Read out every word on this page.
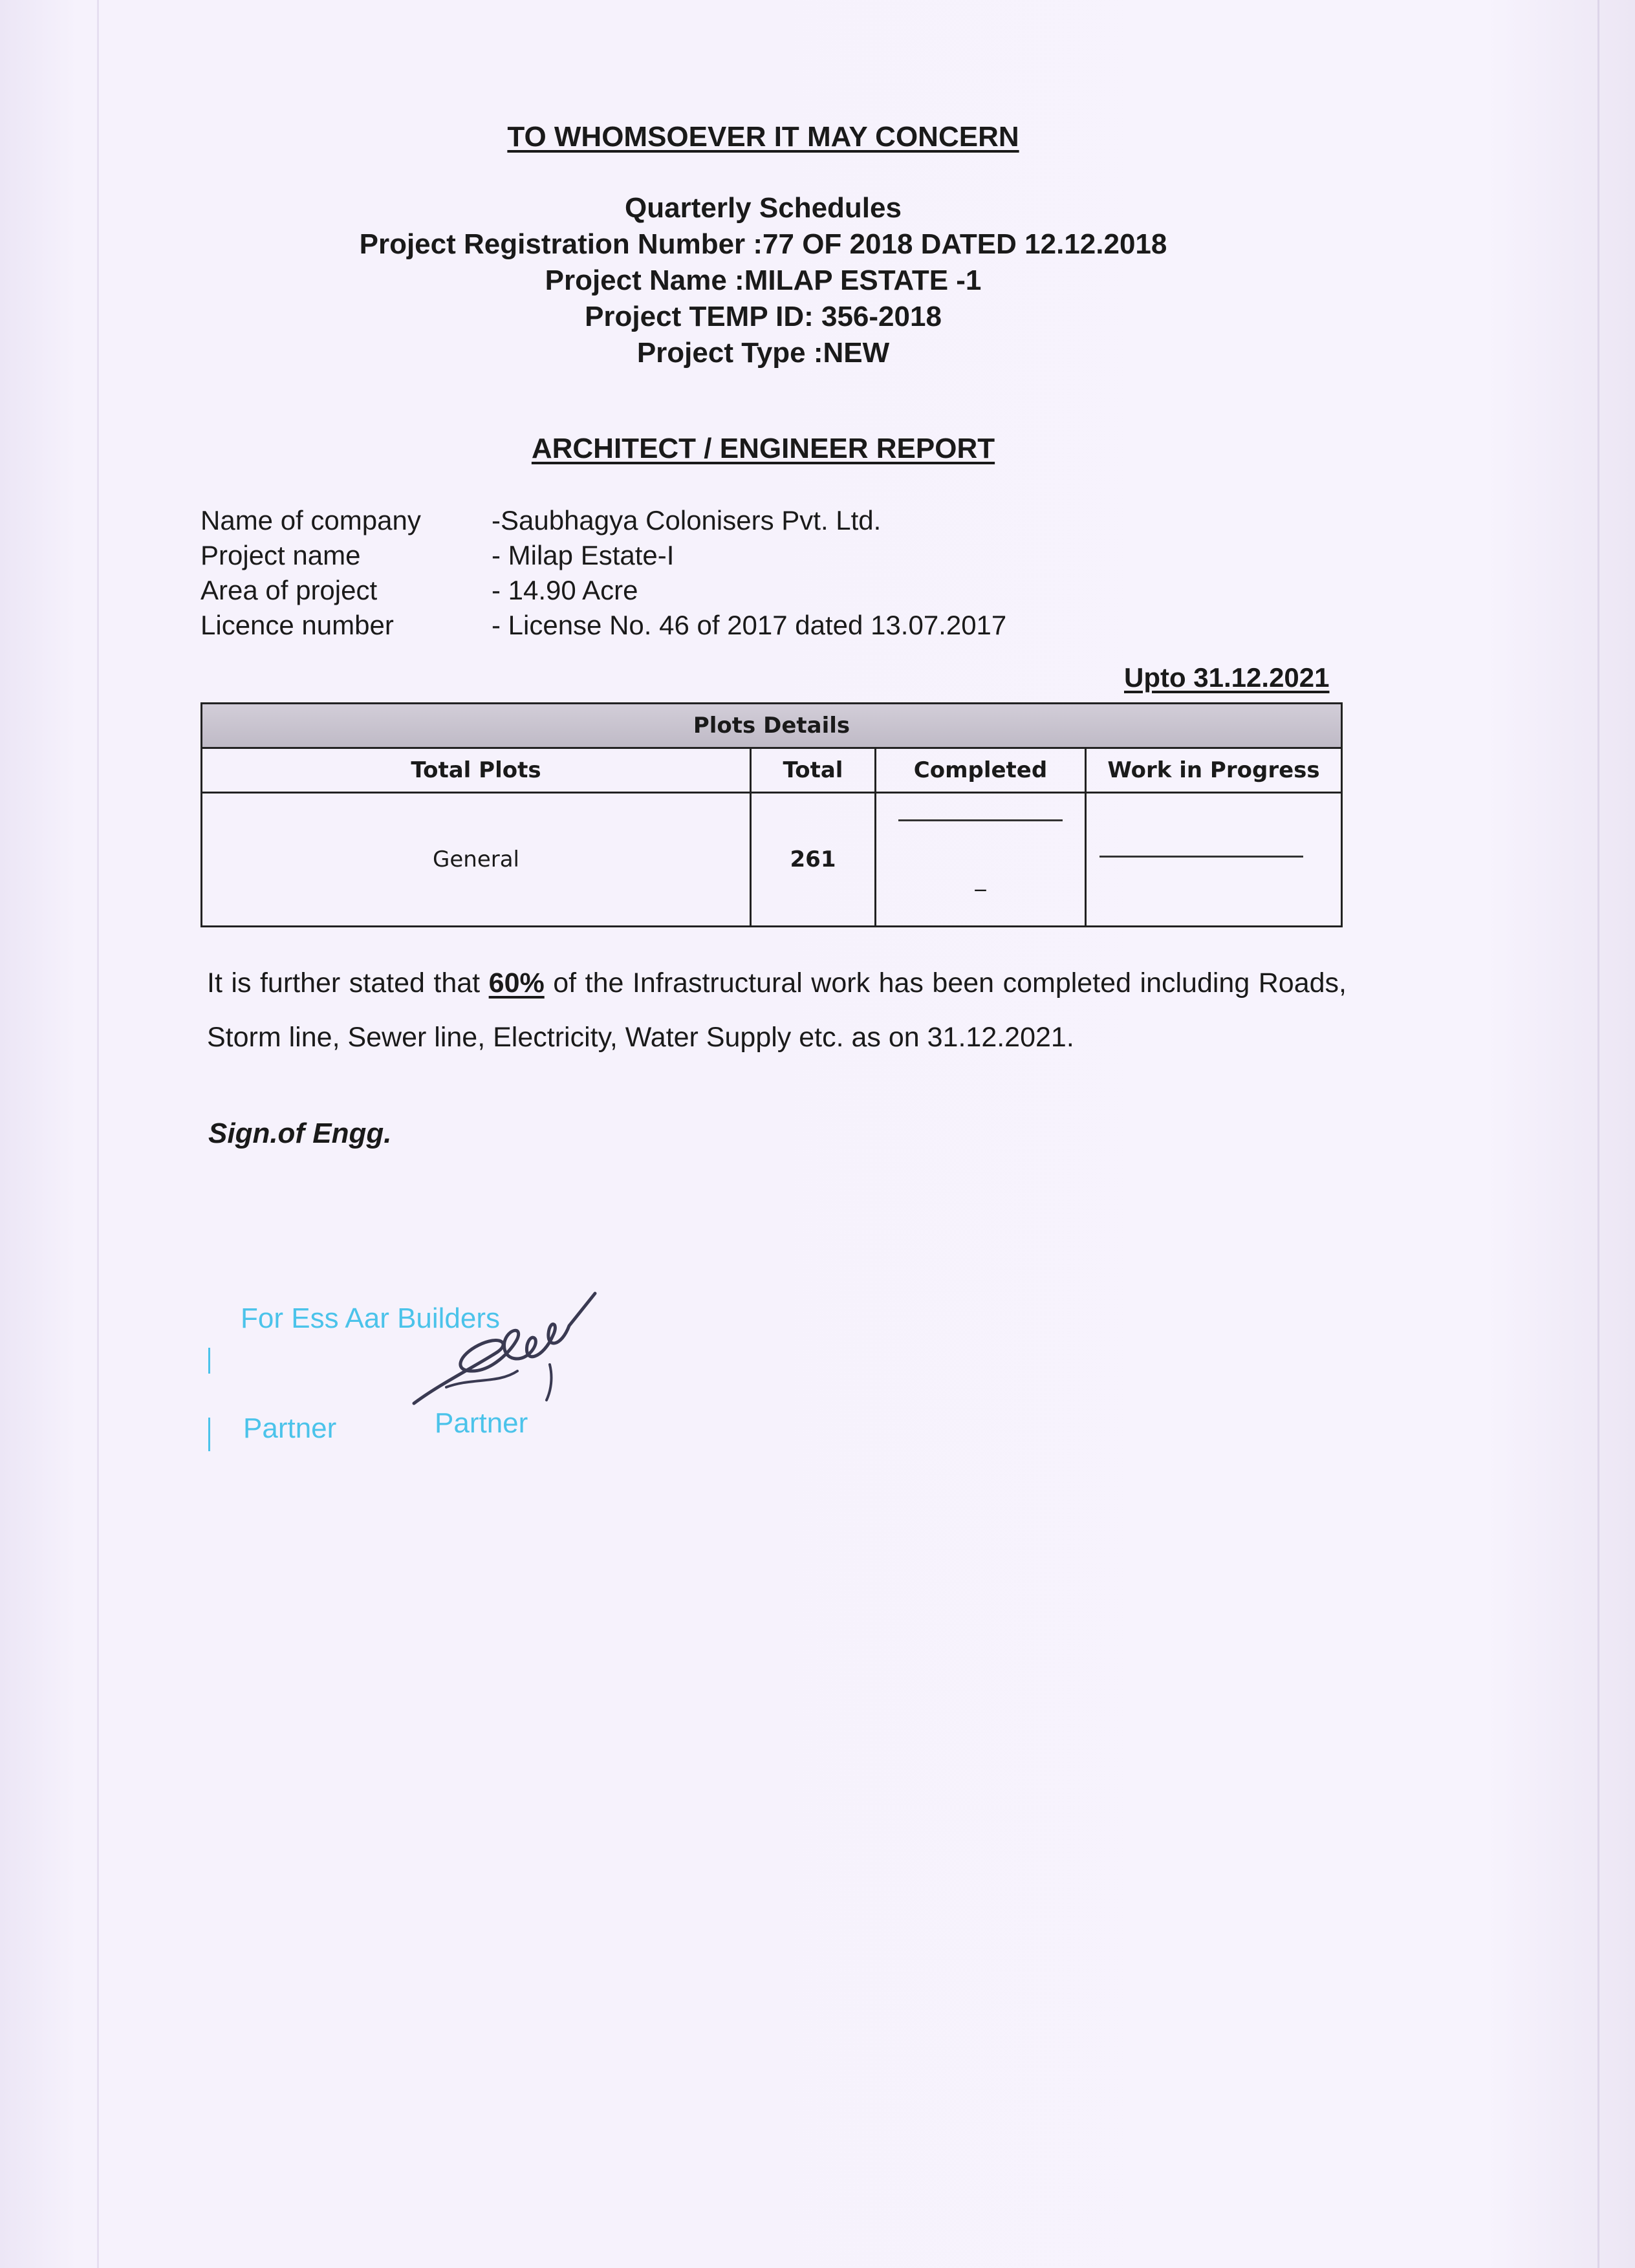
TO WHOMSOEVER IT MAY CONCERN
Quarterly Schedules
Project Registration Number :77 OF 2018 DATED 12.12.2018
Project Name :MILAP ESTATE -1
Project TEMP ID: 356-2018
Project Type :NEW
ARCHITECT / ENGINEER REPORT
Name of company	-Saubhagya Colonisers Pvt. Ltd.
Project name	- Milap Estate-I
Area of project	- 14.90 Acre
Licence number	- License No. 46 of 2017 dated 13.07.2017
Upto 31.12.2021
Plots Details			
Total Plots	Total	Completed	Work in Progress
General	261	_	

It is further stated that 60% of the Infrastructural work has been completed including Roads, Storm line, Sewer line, Electricity, Water Supply etc. as on 31.12.2021.
Sign.of Engg.
For Ess Aar Builders
Partner	Partner
